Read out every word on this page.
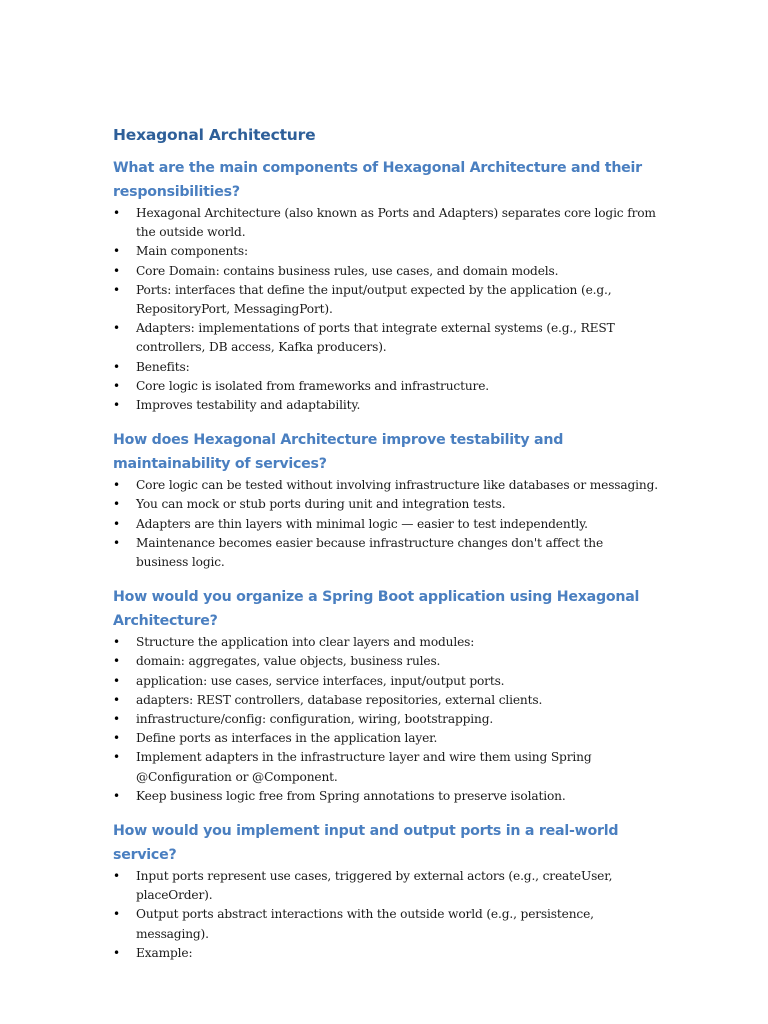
Hexagonal Architecture
What are the main components of Hexagonal Architecture and their responsibilities?
• Hexagonal Architecture (also known as Ports and Adapters) separates core logic from the outside world.
• Main components:
• Core Domain: contains business rules, use cases, and domain models.
• Ports: interfaces that define the input/output expected by the application (e.g., RepositoryPort, MessagingPort).
• Adapters: implementations of ports that integrate external systems (e.g., REST controllers, DB access, Kafka producers).
• Benefits:
• Core logic is isolated from frameworks and infrastructure.
• Improves testability and adaptability.
How does Hexagonal Architecture improve testability and maintainability of services?
• Core logic can be tested without involving infrastructure like databases or messaging.
• You can mock or stub ports during unit and integration tests.
• Adapters are thin layers with minimal logic — easier to test independently.
• Maintenance becomes easier because infrastructure changes don't affect the business logic.
How would you organize a Spring Boot application using Hexagonal Architecture?
• Structure the application into clear layers and modules:
• domain: aggregates, value objects, business rules.
• application: use cases, service interfaces, input/output ports.
• adapters: REST controllers, database repositories, external clients.
• infrastructure/config: configuration, wiring, bootstrapping.
• Define ports as interfaces in the application layer.
• Implement adapters in the infrastructure layer and wire them using Spring @Configuration or @Component.
• Keep business logic free from Spring annotations to preserve isolation.
How would you implement input and output ports in a real-world service?
• Input ports represent use cases, triggered by external actors (e.g., createUser, placeOrder).
• Output ports abstract interactions with the outside world (e.g., persistence, messaging).
• Example:
